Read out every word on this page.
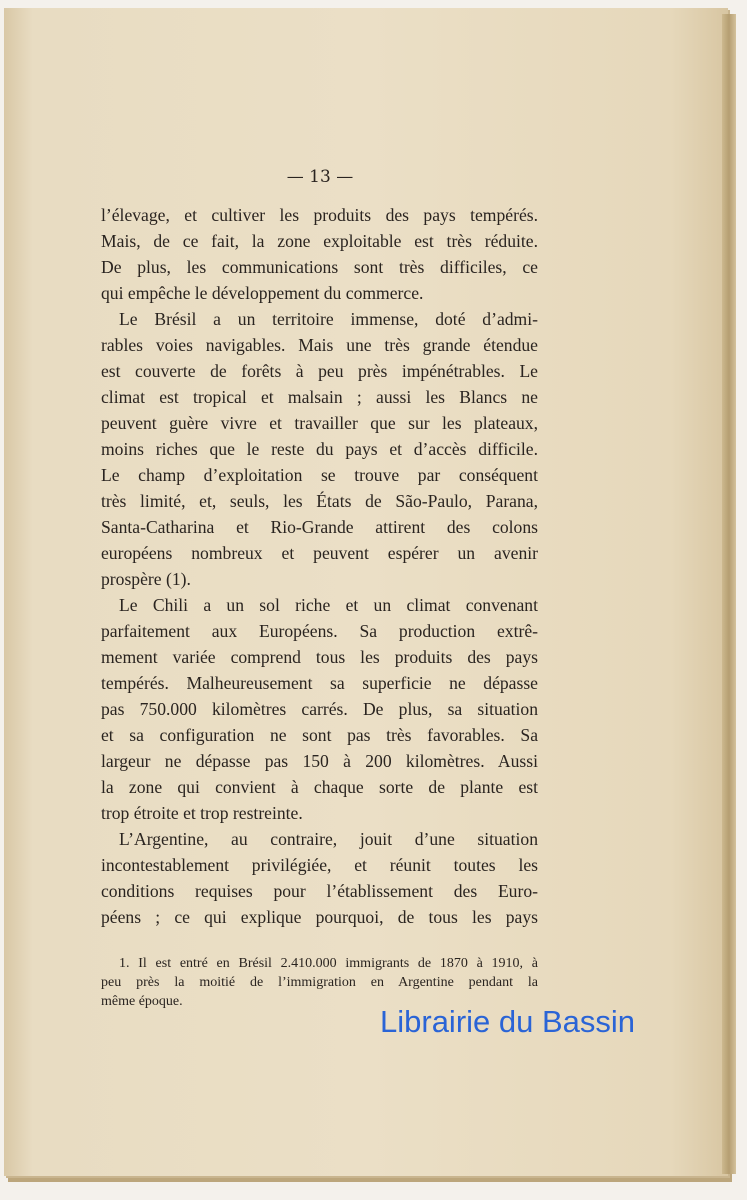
— 13 —
l’élevage, et cultiver les produits des pays tempérés.
Mais, de ce fait, la zone exploitable est très réduite.
De plus, les communications sont très difficiles, ce
qui empêche le développement du commerce.
Le Brésil a un territoire immense, doté d’admi-
rables voies navigables. Mais une très grande étendue
est couverte de forêts à peu près impénétrables. Le
climat est tropical et malsain ; aussi les Blancs ne
peuvent guère vivre et travailler que sur les plateaux,
moins riches que le reste du pays et d’accès difficile.
Le champ d’exploitation se trouve par conséquent
très limité, et, seuls, les États de São-Paulo, Parana,
Santa-Catharina et Rio-Grande attirent des colons
européens nombreux et peuvent espérer un avenir
prospère (1).
Le Chili a un sol riche et un climat convenant
parfaitement aux Européens. Sa production extrê-
mement variée comprend tous les produits des pays
tempérés. Malheureusement sa superficie ne dépasse
pas 750.000 kilomètres carrés. De plus, sa situation
et sa configuration ne sont pas très favorables. Sa
largeur ne dépasse pas 150 à 200 kilomètres. Aussi
la zone qui convient à chaque sorte de plante est
trop étroite et trop restreinte.
L’Argentine, au contraire, jouit d’une situation
incontestablement privilégiée, et réunit toutes les
conditions requises pour l’établissement des Euro-
péens ; ce qui explique pourquoi, de tous les pays
1. Il est entré en Brésil 2.410.000 immigrants de 1870 à 1910, à
peu près la moitié de l’immigration en Argentine pendant la
même époque.
Librairie du Bassin
